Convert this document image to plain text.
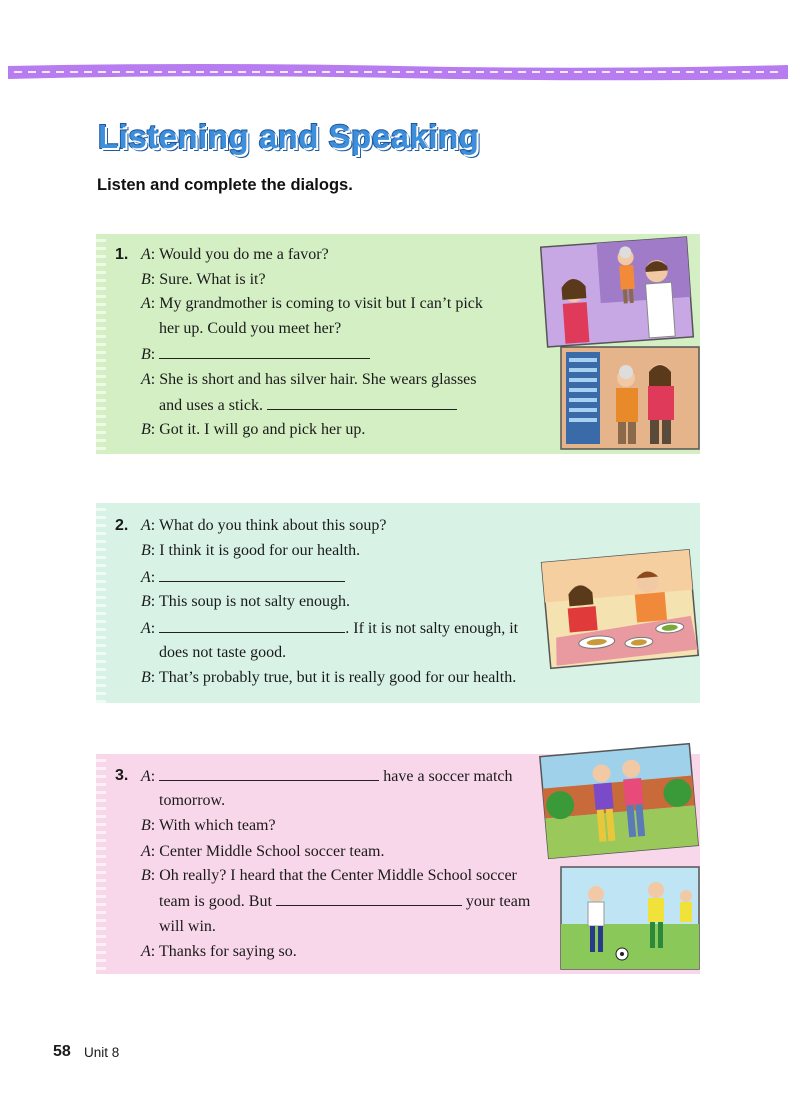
Listening and Speaking
Listen and complete the dialogs.
1. A: Would you do me a favor?
B: Sure. What is it?
A: My grandmother is coming to visit but I can’t pick
her up. Could you meet her?
B:
A: She is short and has silver hair. She wears glasses
and uses a stick.
B: Got it. I will go and pick her up.
2. A: What do you think about this soup?
B: I think it is good for our health.
A:
B: This soup is not salty enough.
A:	. If it is not salty enough, it
does not taste good.
B: That’s probably true, but it is really good for our health.
3. A:	have a soccer match
tomorrow.
B: With which team?
A: Center Middle School soccer team.
B: Oh really? I heard that the Center Middle School soccer
team is good. But	your team
will win.
A: Thanks for saying so.
58 Unit 8
